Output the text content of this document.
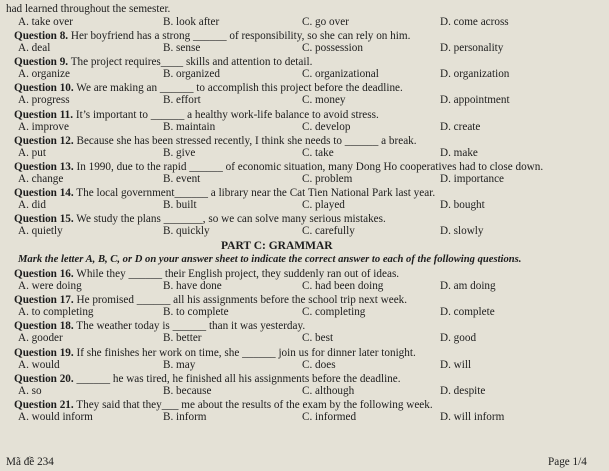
had learned throughout the semester.
A. take over	B. look after	C. go over	D. come across
Question 8. Her boyfriend has a strong ______ of responsibility, so she can rely on him.
A. deal	B. sense	C. possession	D. personality
Question 9. The project requires____ skills and attention to detail.
A. organize	B. organized	C. organizational	D. organization
Question 10. We are making an ______ to accomplish this project before the deadline.
A. progress	B. effort	C. money	D. appointment
Question 11. It’s important to ______ a healthy work-life balance to avoid stress.
A. improve	B. maintain	C. develop	D. create
Question 12. Because she has been stressed recently, I think she needs to ______ a break.
A. put	B. give	C. take	D. make
Question 13. In 1990, due to the rapid ______ of economic situation, many Dong Ho cooperatives had to close down.
A. change	B. event	C. problem	D. importance
Question 14. The local government______ a library near the Cat Tien National Park last year.
A. did	B. built	C. played	D. bought
Question 15. We study the plans _______, so we can solve many serious mistakes.
A. quietly	B. quickly	C. carefully	D. slowly
PART C: GRAMMAR
Mark the letter A, B, C, or D on your answer sheet to indicate the correct answer to each of the following questions.
Question 16. While they ______ their English project, they suddenly ran out of ideas.
A. were doing	B. have done	C. had been doing	D. am doing
Question 17. He promised ______ all his assignments before the school trip next week.
A. to completing	B. to complete	C. completing	D. complete
Question 18. The weather today is ______ than it was yesterday.
A. gooder	B. better	C. best	D. good
Question 19. If she finishes her work on time, she ______ join us for dinner later tonight.
A. would	B. may	C. does	D. will
Question 20. ______ he was tired, he finished all his assignments before the deadline.
A. so	B. because	C. although	D. despite
Question 21. They said that they___ me about the results of the exam by the following week.
A. would inform	B. inform	C. informed	D. will inform
Mã đề 234	Page 1/4
